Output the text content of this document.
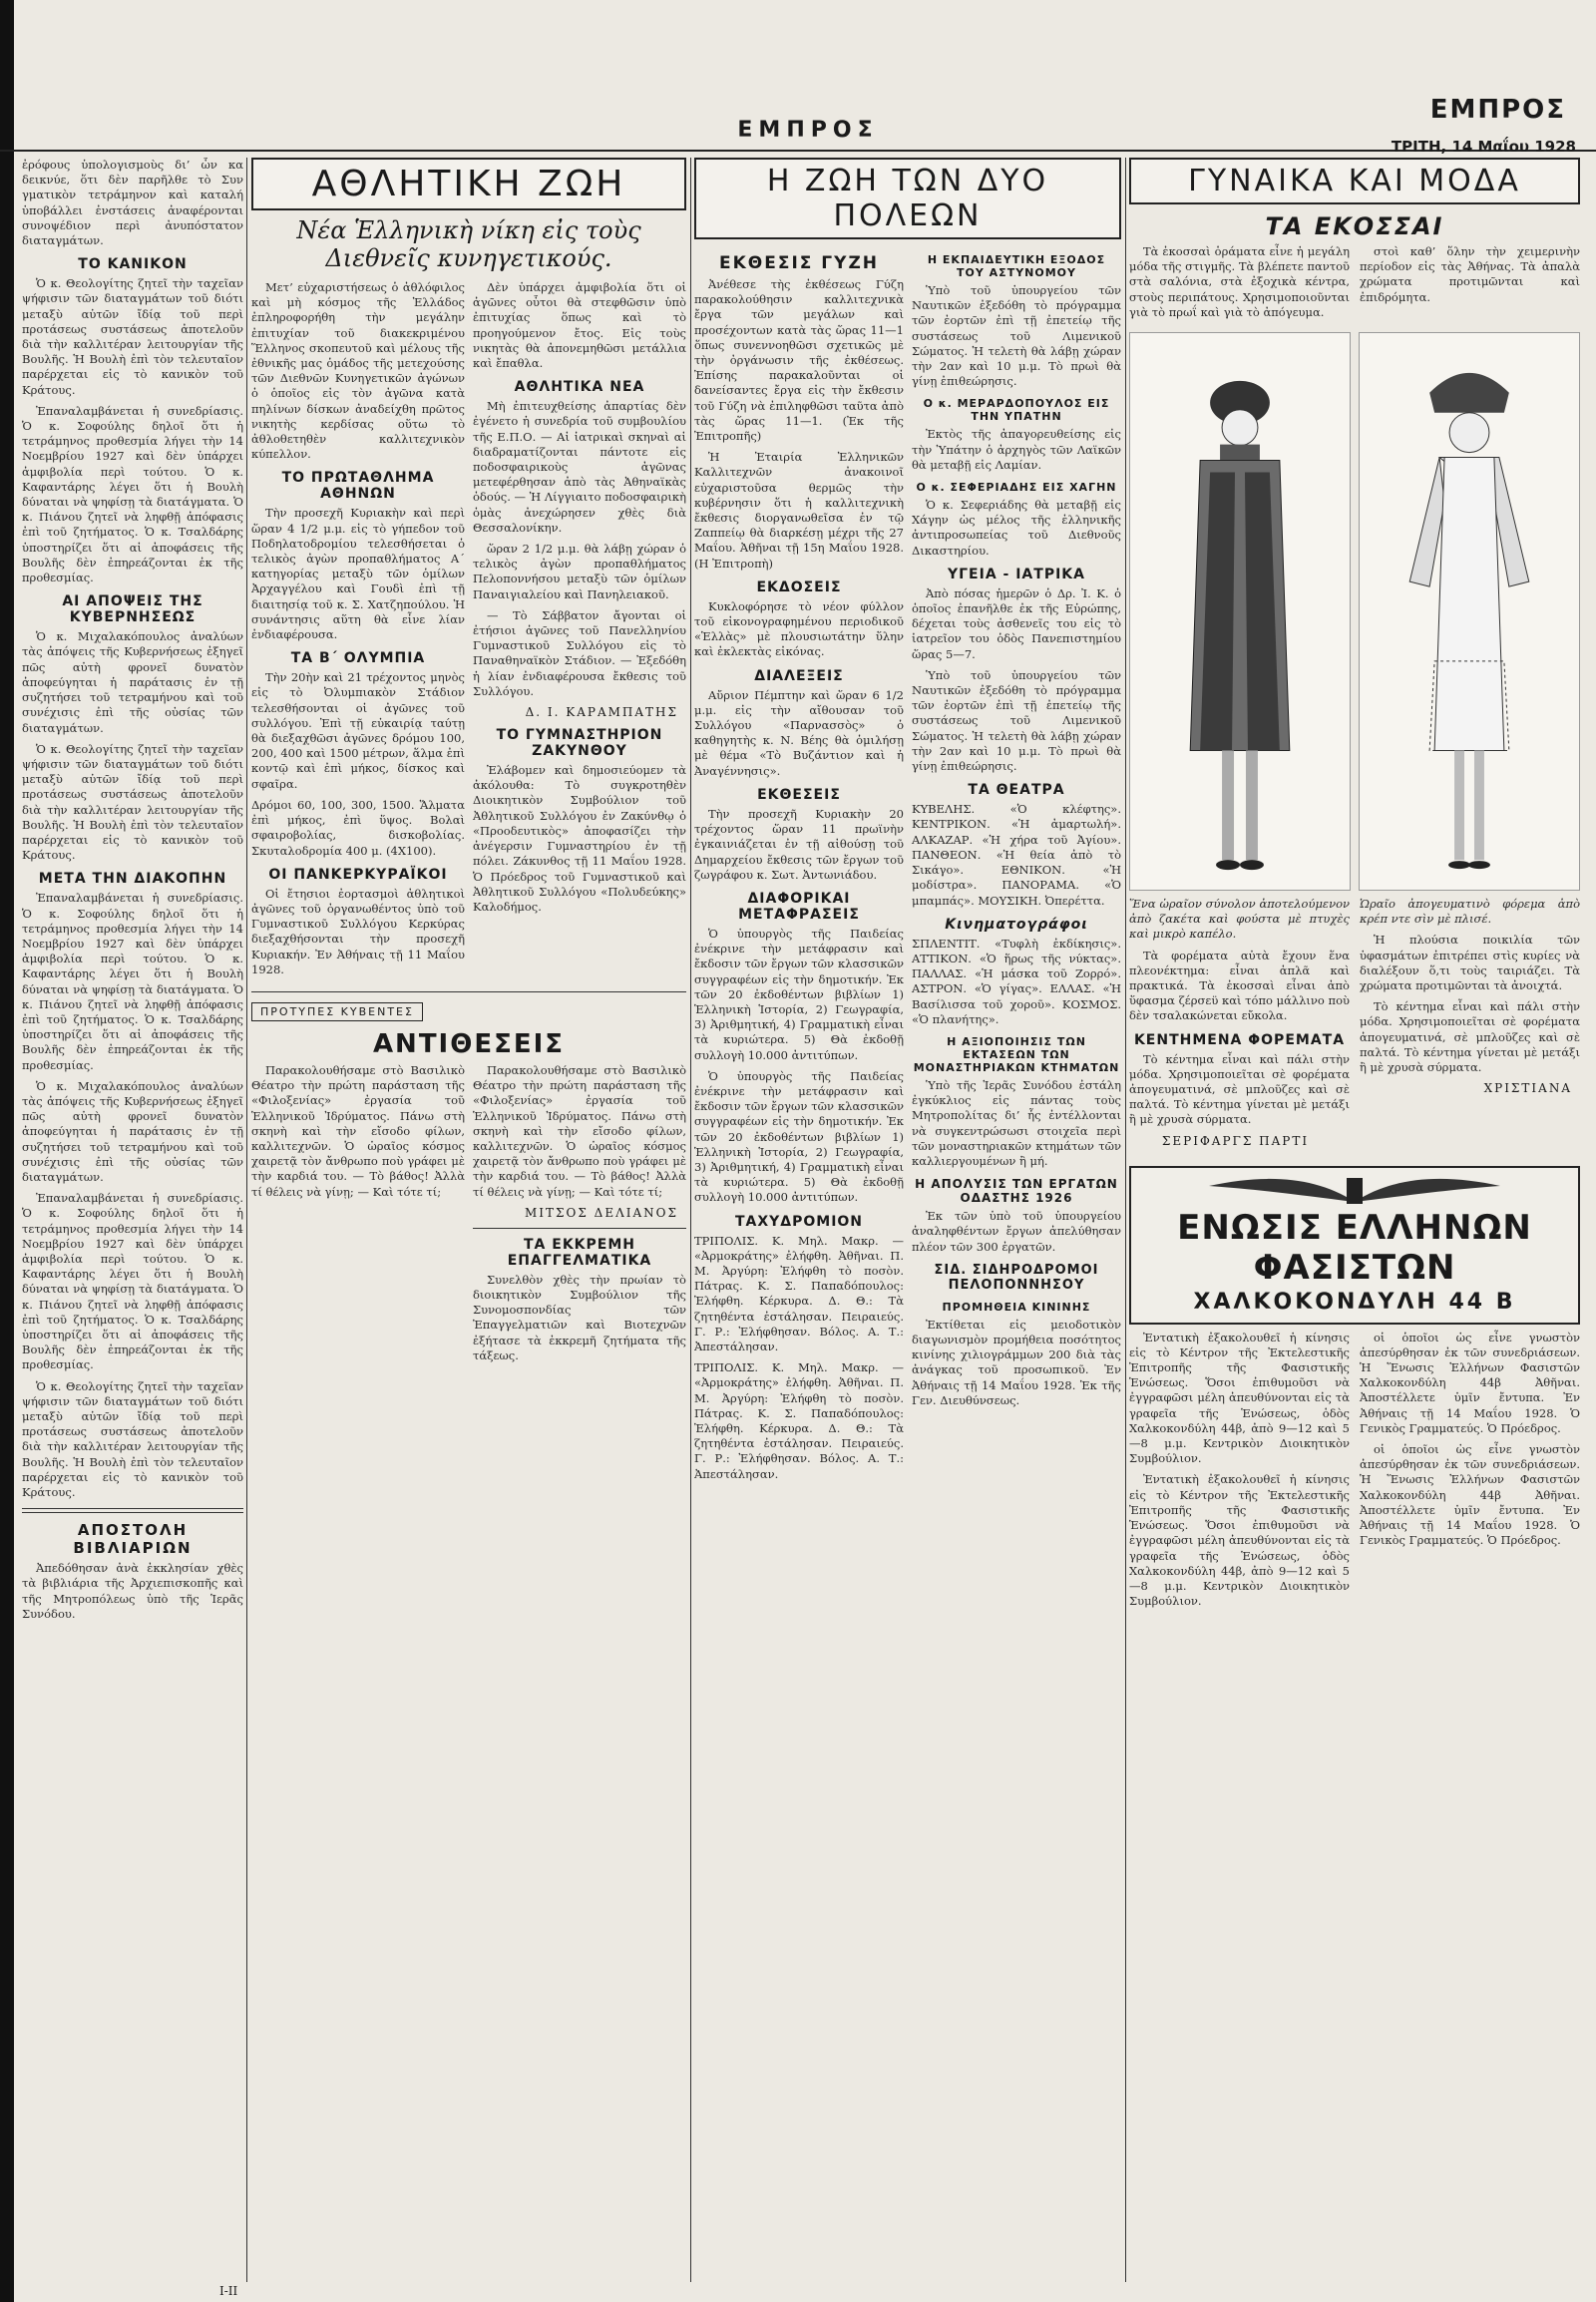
ΕΜΠΡΟΣ
ΕΜΠΡΟΣ
ΤΡΙΤΗ, 14 Μαΐου 1928

ἐρόφους ὑπολογισμοὺς δι’ ὧν κα δεικνύε, ὅτι δὲν παρῆλθε τὸ Συν γματικὸν τετράμηνον καὶ καταλή ὑποβάλλει ἐνστάσεις ἀναφέρονται συνοψέδιον περὶ ἀνυπόστατον διαταγμάτων.

ΤΟ ΚΑΝΙΚΟΝ

Ὁ κ. Θεολογίτης ζητεῖ τὴν ταχεῖαν ψήφισιν τῶν διαταγμάτων τοῦ διότι μεταξὺ αὐτῶν ἴδίᾳ τοῦ περὶ προτάσεως συστάσεως ἀποτελοῦν διὰ τὴν καλλιτέραν λειτουργίαν τῆς Βουλῆς. Ἡ Βουλὴ ἐπὶ τὸν τελευταῖον παρέρχεται εἰς τὸ κανικὸν τοῦ Κράτους.

Ἐπαναλαμβάνεται ἡ συνεδρίασις. Ὁ κ. Σοφούλης δηλοῖ ὅτι ἡ τετράμηνος προθεσμία λήγει τὴν 14 Νοεμβρίου 1927 καὶ δὲν ὑπάρχει ἀμφιβολία περὶ τούτου. Ὁ κ. Καφαντάρης λέγει ὅτι ἡ Βουλὴ δύναται νὰ ψηφίσῃ τὰ διατάγματα. Ὁ κ. Πιάνου ζητεῖ νὰ ληφθῇ ἀπόφασις ἐπὶ τοῦ ζητήματος. Ὁ κ. Τσαλδάρης ὑποστηρίζει ὅτι αἱ ἀποφάσεις τῆς Βουλῆς δὲν ἐπηρεάζονται ἐκ τῆς προθεσμίας.

ΑΙ ΑΠΟΨΕΙΣ ΤΗΣ ΚΥΒΕΡΝΗΣΕΩΣ

Ὁ κ. Μιχαλακόπουλος ἀναλύων τὰς ἀπόψεις τῆς Κυβερνήσεως ἐξηγεῖ πῶς αὐτὴ φρονεῖ δυνατὸν ἀποφεύγηται ἡ παράτασις ἐν τῇ συζητήσει τοῦ τετραμήνου καὶ τοῦ συνέχισις ἐπὶ τῆς οὐσίας τῶν διαταγμάτων.

Ὁ κ. Θεολογίτης ζητεῖ τὴν ταχεῖαν ψήφισιν τῶν διαταγμάτων τοῦ διότι μεταξὺ αὐτῶν ἴδίᾳ τοῦ περὶ προτάσεως συστάσεως ἀποτελοῦν διὰ τὴν καλλιτέραν λειτουργίαν τῆς Βουλῆς. Ἡ Βουλὴ ἐπὶ τὸν τελευταῖον παρέρχεται εἰς τὸ κανικὸν τοῦ Κράτους.

ΜΕΤΑ ΤΗΝ ΔΙΑΚΟΠΗΝ

Ἐπαναλαμβάνεται ἡ συνεδρίασις. Ὁ κ. Σοφούλης δηλοῖ ὅτι ἡ τετράμηνος προθεσμία λήγει τὴν 14 Νοεμβρίου 1927 καὶ δὲν ὑπάρχει ἀμφιβολία περὶ τούτου. Ὁ κ. Καφαντάρης λέγει ὅτι ἡ Βουλὴ δύναται νὰ ψηφίσῃ τὰ διατάγματα. Ὁ κ. Πιάνου ζητεῖ νὰ ληφθῇ ἀπόφασις ἐπὶ τοῦ ζητήματος. Ὁ κ. Τσαλδάρης ὑποστηρίζει ὅτι αἱ ἀποφάσεις τῆς Βουλῆς δὲν ἐπηρεάζονται ἐκ τῆς προθεσμίας.

Ὁ κ. Μιχαλακόπουλος ἀναλύων τὰς ἀπόψεις τῆς Κυβερνήσεως ἐξηγεῖ πῶς αὐτὴ φρονεῖ δυνατὸν ἀποφεύγηται ἡ παράτασις ἐν τῇ συζητήσει τοῦ τετραμήνου καὶ τοῦ συνέχισις ἐπὶ τῆς οὐσίας τῶν διαταγμάτων.

Ἐπαναλαμβάνεται ἡ συνεδρίασις. Ὁ κ. Σοφούλης δηλοῖ ὅτι ἡ τετράμηνος προθεσμία λήγει τὴν 14 Νοεμβρίου 1927 καὶ δὲν ὑπάρχει ἀμφιβολία περὶ τούτου. Ὁ κ. Καφαντάρης λέγει ὅτι ἡ Βουλὴ δύναται νὰ ψηφίσῃ τὰ διατάγματα. Ὁ κ. Πιάνου ζητεῖ νὰ ληφθῇ ἀπόφασις ἐπὶ τοῦ ζητήματος. Ὁ κ. Τσαλδάρης ὑποστηρίζει ὅτι αἱ ἀποφάσεις τῆς Βουλῆς δὲν ἐπηρεάζονται ἐκ τῆς προθεσμίας.

Ὁ κ. Θεολογίτης ζητεῖ τὴν ταχεῖαν ψήφισιν τῶν διαταγμάτων τοῦ διότι μεταξὺ αὐτῶν ἴδίᾳ τοῦ περὶ προτάσεως συστάσεως ἀποτελοῦν διὰ τὴν καλλιτέραν λειτουργίαν τῆς Βουλῆς. Ἡ Βουλὴ ἐπὶ τὸν τελευταῖον παρέρχεται εἰς τὸ κανικὸν τοῦ Κράτους.

ΑΠΟΣΤΟΛΗ ΒΙΒΛΙΑΡΙΩΝ

Ἀπεδόθησαν ἀνὰ ἐκκλησίαν χθὲς τὰ βιβλιάρια τῆς Ἀρχιεπισκοπῆς καὶ τῆς Μητροπόλεως ὑπὸ τῆς Ἱερᾶς Συνόδου.

Ι-ΙΙ
ΑΘΛΗΤΙΚΗ ΖΩΗ
Νέα Ἑλληνικὴ νίκη εἰς τοὺς Διεθνεῖς κυνηγετικούς.

Μετ’ εὐχαριστήσεως ὁ ἀθλόφιλος καὶ μὴ κόσμος τῆς Ἑλλάδος ἐπληροφορήθη τὴν μεγάλην ἐπιτυχίαν τοῦ διακεκριμένου Ἕλληνος σκοπευτοῦ καὶ μέλους τῆς ἐθνικῆς μας ὁμάδος τῆς μετεχούσης τῶν Διεθνῶν Κυνηγετικῶν ἀγώνων ὁ ὁποῖος εἰς τὸν ἀγῶνα κατὰ πηλίνων δίσκων ἀναδείχθη πρῶτος νικητὴς κερδίσας οὕτω τὸ ἀθλοθετηθὲν καλλιτεχνικὸν κύπελλον.

ΤΟ ΠΡΩΤΑΘΛΗΜΑ ΑΘΗΝΩΝ

Τὴν προσεχῆ Κυριακὴν καὶ περὶ ὥραν 4 1/2 μ.μ. εἰς τὸ γήπεδον τοῦ Ποδηλατοδρομίου τελεσθήσεται ὁ τελικὸς ἀγὼν προπαθλήματος Α΄ κατηγορίας μεταξὺ τῶν ὁμίλων Ἀρχαγγέλου καὶ Γουδὶ ἐπὶ τῇ διαιτησίᾳ τοῦ κ. Σ. Χατζηπούλου. Ἡ συνάντησις αὕτη θὰ εἶνε λίαν ἐνδιαφέρουσα.

ΤΑ Β΄ ΟΛΥΜΠΙΑ

Τὴν 20ὴν καὶ 21 τρέχοντος μηνὸς εἰς τὸ Ὀλυμπιακὸν Στάδιον τελεσθήσονται οἱ ἀγῶνες τοῦ συλλόγου. Ἐπὶ τῇ εὐκαιρίᾳ ταύτῃ θὰ διεξαχθῶσι ἀγῶνες δρόμου 100, 200, 400 καὶ 1500 μέτρων, ἅλμα ἐπὶ κοντῷ καὶ ἐπὶ μήκος, δίσκος καὶ σφαῖρα.

Δρόμοι 60, 100, 300, 1500. Ἅλματα ἐπὶ μήκος, ἐπὶ ὕψος. Βολαὶ σφαιροβολίας, δισκοβολίας. Σκυταλοδρομία 400 μ. (4Χ100).

ΟΙ ΠΑΝΚΕΡΚΥΡΑΪΚΟΙ

Οἱ ἔτησιοι ἐορτασμοὶ ἀθλητικοὶ ἀγῶνες τοῦ ὀργανωθέντος ὑπὸ τοῦ Γυμναστικοῦ Συλλόγου Κερκύρας διεξαχθήσονται τὴν προσεχῆ Κυριακήν. Ἐν Ἀθήναις τῇ 11 Μαΐου 1928.

Δὲν ὑπάρχει ἀμφιβολία ὅτι οἱ ἀγῶνες οὗτοι θὰ στεφθῶσιν ὑπὸ ἐπιτυχίας ὅπως καὶ τὸ προηγούμενον ἔτος. Εἰς τοὺς νικητὰς θὰ ἀπονεμηθῶσι μετάλλια καὶ ἔπαθλα.

ΑΘΛΗΤΙΚΑ ΝΕΑ

Μὴ ἐπιτευχθείσης ἀπαρτίας δὲν ἐγένετο ἡ συνεδρία τοῦ συμβουλίου τῆς Ε.Π.Ο. — Αἱ ἰατρικαὶ σκηναὶ αἱ διαδραματίζονται πάντοτε εἰς ποδοσφαιρικοὺς ἀγῶνας μετεφέρθησαν ἀπὸ τὰς Ἀθηναϊκὰς ὁδούς. — Ἡ Λίγγιαιτο ποδοσφαιρικὴ ὁμὰς ἀνεχώρησεν χθὲς διὰ Θεσσαλονίκην.

ὥραν 2 1/2 μ.μ. θὰ λάβῃ χώραν ὁ τελικὸς ἀγὼν προπαθλήματος Πελοποννήσου μεταξὺ τῶν ὁμίλων Παναιγιαλείου καὶ Πανηλειακοῦ.

— Τὸ Σάββατον ἄγονται οἱ ἐτήσιοι ἀγῶνες τοῦ Πανελληνίου Γυμναστικοῦ Συλλόγου εἰς τὸ Παναθηναϊκὸν Στάδιον. — Ἐξεδόθη ἡ λίαν ἐνδιαφέρουσα ἔκθεσις τοῦ Συλλόγου.

Δ. Ι. ΚΑΡΑΜΠΑΤΗΣ
ΤΟ ΓΥΜΝΑΣΤΗΡΙΟΝ ΖΑΚΥΝΘΟΥ

Ἐλάβομεν καὶ δημοσιεύομεν τὰ ἀκόλουθα: Τὸ συγκροτηθὲν Διοικητικὸν Συμβούλιον τοῦ Ἀθλητικοῦ Συλλόγου ἐν Ζακύνθῳ ὁ «Προοδευτικὸς» ἀποφασίζει τὴν ἀνέγερσιν Γυμναστηρίου ἐν τῇ πόλει. Ζάκυνθος τῇ 11 Μαΐου 1928. Ὁ Πρόεδρος τοῦ Γυμναστικοῦ καὶ Ἀθλητικοῦ Συλλόγου «Πολυδεύκης» Καλοδήμος.

ΠΡΟΤΥΠΕΣ ΚΥΒΕΝΤΕΣ
ΑΝΤΙΘΕΣΕΙΣ

Παρακολουθήσαμε στὸ Βασιλικὸ Θέατρο τὴν πρώτη παράσταση τῆς «Φιλοξενίας» ἐργασία τοῦ Ἑλληνικοῦ Ἰδρύματος. Πάνω στὴ σκηνὴ καὶ τὴν εἴσοδο φίλων, καλλιτεχνῶν. Ὁ ὡραῖος κόσμος χαιρετᾷ τὸν ἄνθρωπο ποὺ γράφει μὲ τὴν καρδιά του. — Τὸ βάθος! Ἀλλὰ τί θέλεις νὰ γίνῃ; — Καὶ τότε τί;

Παρακολουθήσαμε στὸ Βασιλικὸ Θέατρο τὴν πρώτη παράσταση τῆς «Φιλοξενίας» ἐργασία τοῦ Ἑλληνικοῦ Ἰδρύματος. Πάνω στὴ σκηνὴ καὶ τὴν εἴσοδο φίλων, καλλιτεχνῶν. Ὁ ὡραῖος κόσμος χαιρετᾷ τὸν ἄνθρωπο ποὺ γράφει μὲ τὴν καρδιά του. — Τὸ βάθος! Ἀλλὰ τί θέλεις νὰ γίνῃ; — Καὶ τότε τί;

ΜΙΤΣΟΣ ΔΕΛΙΑΝΟΣ
ΤΑ ΕΚΚΡΕΜΗ ΕΠΑΓΓΕΛΜΑΤΙΚΑ

Συνελθὸν χθὲς τὴν πρωίαν τὸ διοικητικὸν Συμβούλιον τῆς Συνομοσπονδίας τῶν Ἐπαγγελματιῶν καὶ Βιοτεχνῶν ἐξήτασε τὰ ἐκκρεμῆ ζητήματα τῆς τάξεως.

Η ΖΩΗ ΤΩΝ ΔΥΟ ΠΟΛΕΩΝ
ΕΚΘΕΣΙΣ ΓΥΖΗ

Ἀνέθεσε τὴς ἐκθέσεως Γύζη παρακολούθησιν καλλιτεχνικὰ ἔργα τῶν μεγάλων καὶ προσέχοντων κατὰ τὰς ὥρας 11—1 ὅπως συνεννοηθῶσι σχετικῶς μὲ τὴν ὀργάνωσιν τῆς ἐκθέσεως. Ἐπίσης παρακαλοῦνται οἱ δανείσαντες ἔργα εἰς τὴν ἔκθεσιν τοῦ Γύζη νὰ ἐπιληφθῶσι ταῦτα ἀπὸ τὰς ὥρας 11—1. (Ἐκ τῆς Ἐπιτροπῆς)

Ἡ Ἐταιρία Ἑλληνικῶν Καλλιτεχνῶν ἀνακοινοῖ εὐχαριστοῦσα θερμῶς τὴν κυβέρνησιν ὅτι ἡ καλλιτεχνικὴ ἔκθεσις διοργανωθεῖσα ἐν τῷ Ζαππείῳ θὰ διαρκέσῃ μέχρι τῆς 27 Μαΐου. Ἀθῆναι τῇ 15η Μαΐου 1928. (Η Ἐπιτροπὴ)

ΕΚΔΟΣΕΙΣ

Κυκλοφόρησε τὸ νέον φύλλον τοῦ εἰκονογραφημένου περιοδικοῦ «Ἑλλὰς» μὲ πλουσιωτάτην ὕλην καὶ ἐκλεκτὰς εἰκόνας.

ΔΙΑΛΕΞΕΙΣ

Αὔριον Πέμπτην καὶ ὥραν 6 1/2 μ.μ. εἰς τὴν αἴθουσαν τοῦ Συλλόγου «Παρνασσὸς» ὁ καθηγητὴς κ. Ν. Βέης θὰ ὁμιλήσῃ μὲ θέμα «Τὸ Βυζάντιον καὶ ἡ Ἀναγέννησις».

ΕΚΘΕΣΕΙΣ

Τὴν προσεχῆ Κυριακὴν 20 τρέχοντος ὥραν 11 πρωϊνὴν ἐγκαινιάζεται ἐν τῇ αἰθούσῃ τοῦ Δημαρχείου ἔκθεσις τῶν ἔργων τοῦ ζωγράφου κ. Σωτ. Ἀντωνιάδου.

ΔΙΑΦΟΡΙΚΑΙ ΜΕΤΑΦΡΑΣΕΙΣ

Ὁ ὑπουργὸς τῆς Παιδείας ἐνέκρινε τὴν μετάφρασιν καὶ ἔκδοσιν τῶν ἔργων τῶν κλασσικῶν συγγραφέων εἰς τὴν δημοτικήν. Ἐκ τῶν 20 ἐκδοθέντων βιβλίων 1) Ἑλληνικὴ Ἱστορία, 2) Γεωγραφία, 3) Ἀριθμητική, 4) Γραμματικὴ εἶναι τὰ κυριώτερα. 5) Θὰ ἐκδοθῇ συλλογὴ 10.000 ἀντιτύπων.

Ὁ ὑπουργὸς τῆς Παιδείας ἐνέκρινε τὴν μετάφρασιν καὶ ἔκδοσιν τῶν ἔργων τῶν κλασσικῶν συγγραφέων εἰς τὴν δημοτικήν. Ἐκ τῶν 20 ἐκδοθέντων βιβλίων 1) Ἑλληνικὴ Ἱστορία, 2) Γεωγραφία, 3) Ἀριθμητική, 4) Γραμματικὴ εἶναι τὰ κυριώτερα. 5) Θὰ ἐκδοθῇ συλλογὴ 10.000 ἀντιτύπων.

ΤΑΧΥΔΡΟΜΙΟΝ

ΤΡΙΠΟΛΙΣ. Κ. Μηλ. Μακρ. — «Ἀρμοκράτης» ἐλήφθη. Ἀθῆναι. Π. Μ. Ἀργύρη: Ἐλήφθη τὸ ποσὸν. Πάτρας. Κ. Σ. Παπαδόπουλος: Ἐλήφθη. Κέρκυρα. Δ. Θ.: Τὰ ζητηθέντα ἐστάλησαν. Πειραιεύς. Γ. Ρ.: Ἐλήφθησαν. Βόλος. Α. Τ.: Ἀπεστάλησαν.

ΤΡΙΠΟΛΙΣ. Κ. Μηλ. Μακρ. — «Ἀρμοκράτης» ἐλήφθη. Ἀθῆναι. Π. Μ. Ἀργύρη: Ἐλήφθη τὸ ποσὸν. Πάτρας. Κ. Σ. Παπαδόπουλος: Ἐλήφθη. Κέρκυρα. Δ. Θ.: Τὰ ζητηθέντα ἐστάλησαν. Πειραιεύς. Γ. Ρ.: Ἐλήφθησαν. Βόλος. Α. Τ.: Ἀπεστάλησαν.

Η ΕΚΠΑΙΔΕΥΤΙΚΗ ΕΞΟΔΟΣ ΤΟΥ ΑΣΤΥΝΟΜΟΥ

Ὑπὸ τοῦ ὑπουργείου τῶν Ναυτικῶν ἐξεδόθη τὸ πρόγραμμα τῶν ἐορτῶν ἐπὶ τῇ ἐπετείῳ τῆς συστάσεως τοῦ Λιμενικοῦ Σώματος. Ἡ τελετὴ θὰ λάβῃ χώραν τὴν 2αν καὶ 10 μ.μ. Τὸ πρωὶ θὰ γίνῃ ἐπιθεώρησις.

Ο κ. ΜΕΡΑΡΔΟΠΟΥΛΟΣ ΕΙΣ ΤΗΝ ΥΠΑΤΗΝ

Ἐκτὸς τῆς ἀπαγορευθείσης εἰς τὴν Ὑπάτην ὁ ἀρχηγὸς τῶν Λαϊκῶν θὰ μεταβῇ εἰς Λαμίαν.

Ο κ. ΣΕΦΕΡΙΑΔΗΣ ΕΙΣ ΧΑΓΗΝ

Ὁ κ. Σεφεριάδης θὰ μεταβῇ εἰς Χάγην ὡς μέλος τῆς ἑλληνικῆς ἀντιπροσωπείας τοῦ Διεθνοῦς Δικαστηρίου.

ΥΓΕΙΑ - ΙΑΤΡΙΚΑ

Ἀπὸ πόσας ἡμερῶν ὁ Δρ. Ἰ. Κ. ὁ ὁποῖος ἐπανῆλθε ἐκ τῆς Εὐρώπης, δέχεται τοὺς ἀσθενεῖς του εἰς τὸ ἰατρεῖον του ὁδὸς Πανεπιστημίου ὥρας 5—7.

Ὑπὸ τοῦ ὑπουργείου τῶν Ναυτικῶν ἐξεδόθη τὸ πρόγραμμα τῶν ἐορτῶν ἐπὶ τῇ ἐπετείῳ τῆς συστάσεως τοῦ Λιμενικοῦ Σώματος. Ἡ τελετὴ θὰ λάβῃ χώραν τὴν 2αν καὶ 10 μ.μ. Τὸ πρωὶ θὰ γίνῃ ἐπιθεώρησις.

ΤΑ ΘΕΑΤΡΑ

ΚΥΒΕΛΗΣ. «Ὁ κλέφτης». ΚΕΝΤΡΙΚΟΝ. «Ἡ ἀμαρτωλή». ΑΛΚΑΖΑΡ. «Ἡ χήρα τοῦ Ἀγίου». ΠΑΝΘΕΟΝ. «Ἡ θεία ἀπὸ τὸ Σικάγο». ΕΘΝΙΚΟΝ. «Ἡ μοδίστρα». ΠΑΝΟΡΑΜΑ. «Ὁ μπαμπάς». ΜΟΥΣΙΚΗ. Ὀπερέττα.

Κινηματογράφοι

ΣΠΛΕΝΤΙΤ. «Τυφλὴ ἐκδίκησις». ΑΤΤΙΚΟΝ. «Ὁ ἥρως τῆς νύκτας». ΠΑΛΛΑΣ. «Ἡ μάσκα τοῦ Ζορρό». ΑΣΤΡΟΝ. «Ὁ γίγας». ΕΛΛΑΣ. «Ἡ Βασίλισσα τοῦ χοροῦ». ΚΟΣΜΟΣ. «Ὁ πλανήτης».

Η ΑΞΙΟΠΟΙΗΣΙΣ ΤΩΝ ΕΚΤΑΣΕΩΝ ΤΩΝ ΜΟΝΑΣΤΗΡΙΑΚΩΝ ΚΤΗΜΑΤΩΝ

Ὑπὸ τῆς Ἱερᾶς Συνόδου ἐστάλη ἐγκύκλιος εἰς πάντας τοὺς Μητροπολίτας δι’ ἧς ἐντέλλονται νὰ συγκεντρώσωσι στοιχεῖα περὶ τῶν μοναστηριακῶν κτημάτων τῶν καλλιεργουμένων ἢ μή.

Η ΑΠΟΛΥΣΙΣ ΤΩΝ ΕΡΓΑΤΩΝ ΟΔΑΣΤΗΣ 1926

Ἐκ τῶν ὑπὸ τοῦ ὑπουργείου ἀναληφθέντων ἔργων ἀπελύθησαν πλέον τῶν 300 ἐργατῶν.

ΣΙΔ. ΣΙΔΗΡΟΔΡΟΜΟΙ ΠΕΛΟΠΟΝΝΗΣΟΥ
ΠΡΟΜΗΘΕΙΑ ΚΙΝΙΝΗΣ

Ἐκτίθεται εἰς μειοδοτικὸν διαγωνισμὸν προμήθεια ποσότητος κινίνης χιλιογράμμων 200 διὰ τὰς ἀνάγκας τοῦ προσωπικοῦ. Ἐν Ἀθήναις τῇ 14 Μαΐου 1928. Ἐκ τῆς Γεν. Διευθύνσεως.

ΓΥΝΑΙΚΑ ΚΑΙ ΜΟΔΑ
ΤΑ ΕΚΟΣΣΑΙ

Τὰ ἐκοσσαὶ ὁράματα εἶνε ἡ μεγάλη μόδα τῆς στιγμῆς. Τὰ βλέπετε παντοῦ στὰ σαλόνια, στὰ ἐξοχικὰ κέντρα, στοὺς περιπάτους. Χρησιμοποιοῦνται γιὰ τὸ πρωΐ καὶ γιὰ τὸ ἀπόγευμα.

στοὶ καθ’ ὅλην τὴν χειμερινὴν περίοδον εἰς τὰς Ἀθήνας. Τὰ ἀπαλὰ χρώματα προτιμῶνται καὶ ἐπιδρόμητα.

Ἕνα ὡραῖον σύνολον ἀποτελούμενον ἀπὸ ζακέτα καὶ φούστα μὲ πτυχὲς καὶ μικρὸ καπέλο.

Τὰ φορέματα αὐτὰ ἔχουν ἕνα πλεονέκτημα: εἶναι ἁπλᾶ καὶ πρακτικά. Τὰ ἐκοσσαὶ εἶναι ἀπὸ ὕφασμα ζέρσεϋ καὶ τόπο μάλλινο ποὺ δὲν τσαλακώνεται εὔκολα.

ΚΕΝΤΗΜΕΝΑ ΦΟΡΕΜΑΤΑ

Τὸ κέντημα εἶναι καὶ πάλι στὴν μόδα. Χρησιμοποιεῖται σὲ φορέματα ἀπογευματινά, σὲ μπλοῦζες καὶ σὲ παλτά. Τὸ κέντημα γίνεται μὲ μετάξι ἢ μὲ χρυσὰ σύρματα.

ΣΕΡΙΦΑΡΓΣ ΠΑΡΤΙ

Ὡραῖο ἀπογευματινὸ φόρεμα ἀπὸ κρέπ ντε σὶν μὲ πλισέ.

Ἡ πλούσια ποικιλία τῶν ὑφασμάτων ἐπιτρέπει στὶς κυρίες νὰ διαλέξουν ὅ,τι τοὺς ταιριάζει. Τὰ χρώματα προτιμῶνται τὰ ἀνοιχτά.

Τὸ κέντημα εἶναι καὶ πάλι στὴν μόδα. Χρησιμοποιεῖται σὲ φορέματα ἀπογευματινά, σὲ μπλοῦζες καὶ σὲ παλτά. Τὸ κέντημα γίνεται μὲ μετάξι ἢ μὲ χρυσὰ σύρματα.

ΧΡΙΣΤΙΑΝΑ
ΕΝΩΣΙΣ ΕΛΛΗΝΩΝ ΦΑΣΙΣΤΩΝ
ΧΑΛΚΟΚΟΝΔΥΛΗ 44 Β

Ἐντατικὴ ἐξακολουθεῖ ἡ κίνησις εἰς τὸ Κέντρον τῆς Ἐκτελεστικῆς Ἐπιτροπῆς τῆς Φασιστικῆς Ἑνώσεως. Ὅσοι ἐπιθυμοῦσι νὰ ἐγγραφῶσι μέλη ἀπευθύνονται εἰς τὰ γραφεῖα τῆς Ἑνώσεως, ὁδὸς Χαλκοκονδύλη 44β, ἀπὸ 9—12 καὶ 5—8 μ.μ. Κεντρικὸν Διοικητικὸν Συμβούλιον.

Ἐντατικὴ ἐξακολουθεῖ ἡ κίνησις εἰς τὸ Κέντρον τῆς Ἐκτελεστικῆς Ἐπιτροπῆς τῆς Φασιστικῆς Ἑνώσεως. Ὅσοι ἐπιθυμοῦσι νὰ ἐγγραφῶσι μέλη ἀπευθύνονται εἰς τὰ γραφεῖα τῆς Ἑνώσεως, ὁδὸς Χαλκοκονδύλη 44β, ἀπὸ 9—12 καὶ 5—8 μ.μ. Κεντρικὸν Διοικητικὸν Συμβούλιον.

οἱ ὁποῖοι ὡς εἶνε γνωστὸν ἀπεσύρθησαν ἐκ τῶν συνεδριάσεων. Ἡ Ἕνωσις Ἑλλήνων Φασιστῶν Χαλκοκονδύλη 44β Ἀθῆναι. Ἀποστέλλετε ὑμῖν ἔντυπα. Ἐν Ἀθήναις τῇ 14 Μαΐου 1928. Ὁ Γενικὸς Γραμματεύς. Ὁ Πρόεδρος.

οἱ ὁποῖοι ὡς εἶνε γνωστὸν ἀπεσύρθησαν ἐκ τῶν συνεδριάσεων. Ἡ Ἕνωσις Ἑλλήνων Φασιστῶν Χαλκοκονδύλη 44β Ἀθῆναι. Ἀποστέλλετε ὑμῖν ἔντυπα. Ἐν Ἀθήναις τῇ 14 Μαΐου 1928. Ὁ Γενικὸς Γραμματεύς. Ὁ Πρόεδρος.
